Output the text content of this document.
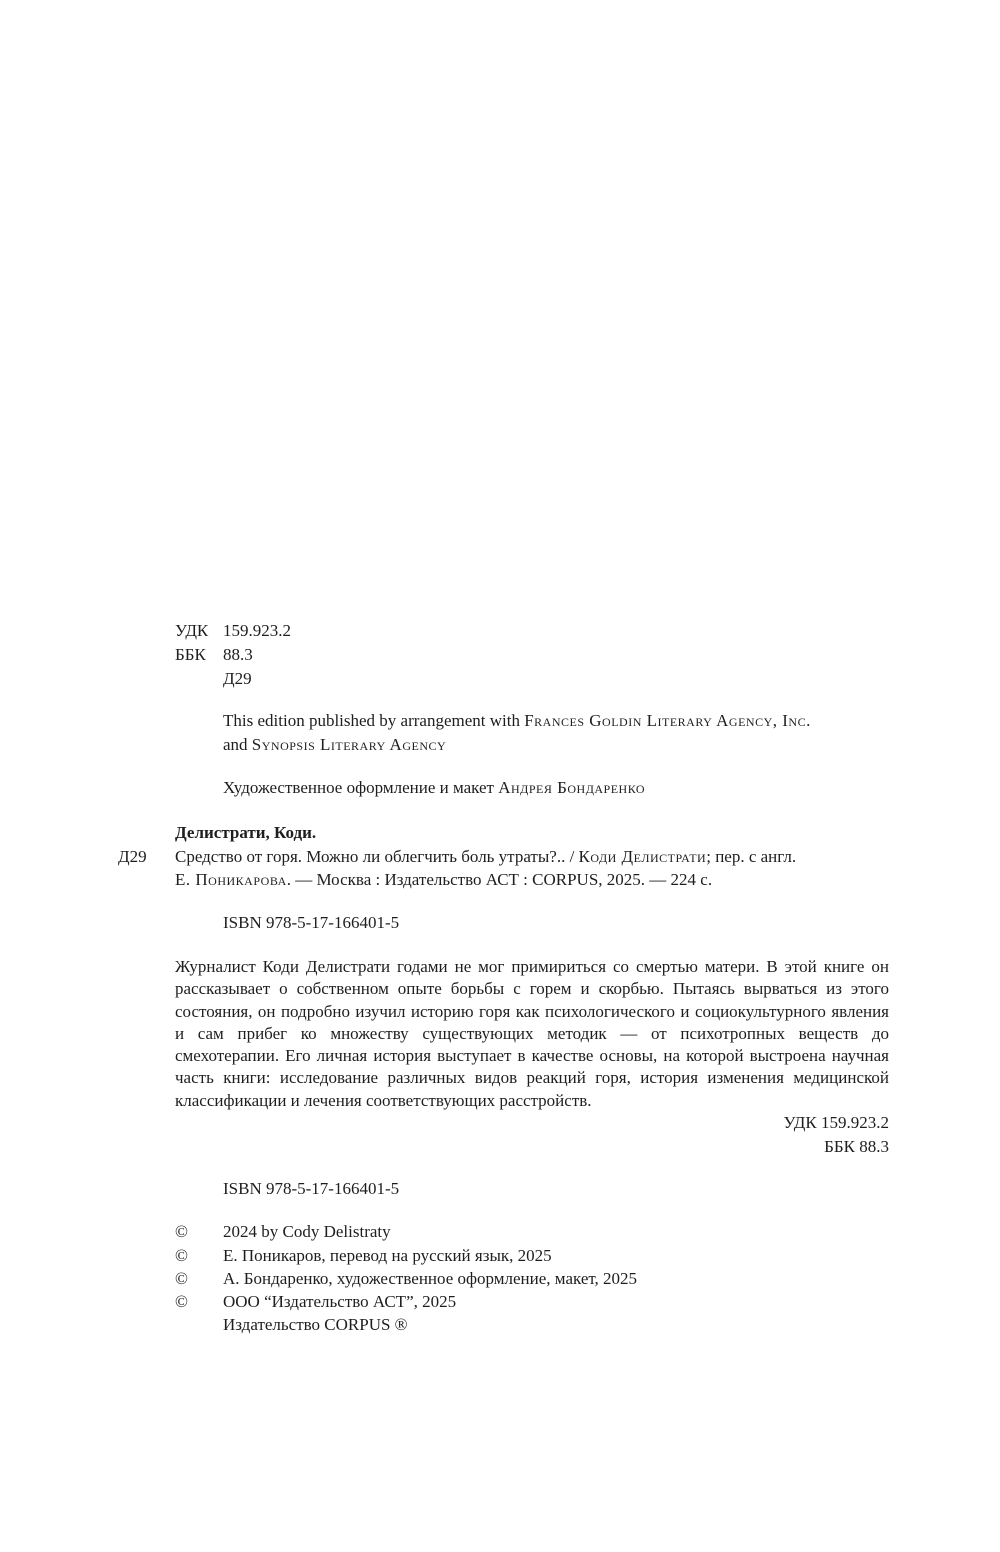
УДК 159.923.2
ББК 88.3
Д29
This edition published by arrangement with Frances Goldin Literary Agency, Inc.
and Synopsis Literary Agency
Художественное оформление и макет Андрея Бондаренко
Делистрати, Коди.
Д29 Средство от горя. Можно ли облегчить боль утраты?.. / Коди Делистрати; пер. с англ.
Е. Поникарова. — Москва : Издательство АСТ : CORPUS, 2025. — 224 с.
ISBN 978-5-17-166401-5
Журналист Коди Делистрати годами не мог примириться со смертью матери. В этой книге он рассказывает о собственном опыте борьбы с горем и скорбью. Пытаясь вырваться из этого состояния, он подробно изучил историю горя как психологического и социокультурного явления и сам прибег ко множеству существующих методик — от психотропных веществ до смехотерапии. Его личная история выступает в качестве основы, на которой выстроена научная часть книги: исследование различных видов реакций горя, история изменения медицинской классификации и лечения соответствующих расстройств.
УДК 159.923.2
ББК 88.3
ISBN 978-5-17-166401-5
© 2024 by Cody Delistraty
© Е. Поникаров, перевод на русский язык, 2025
© А. Бондаренко, художественное оформление, макет, 2025
© ООО “Издательство АСТ”, 2025
Издательство CORPUS ®
